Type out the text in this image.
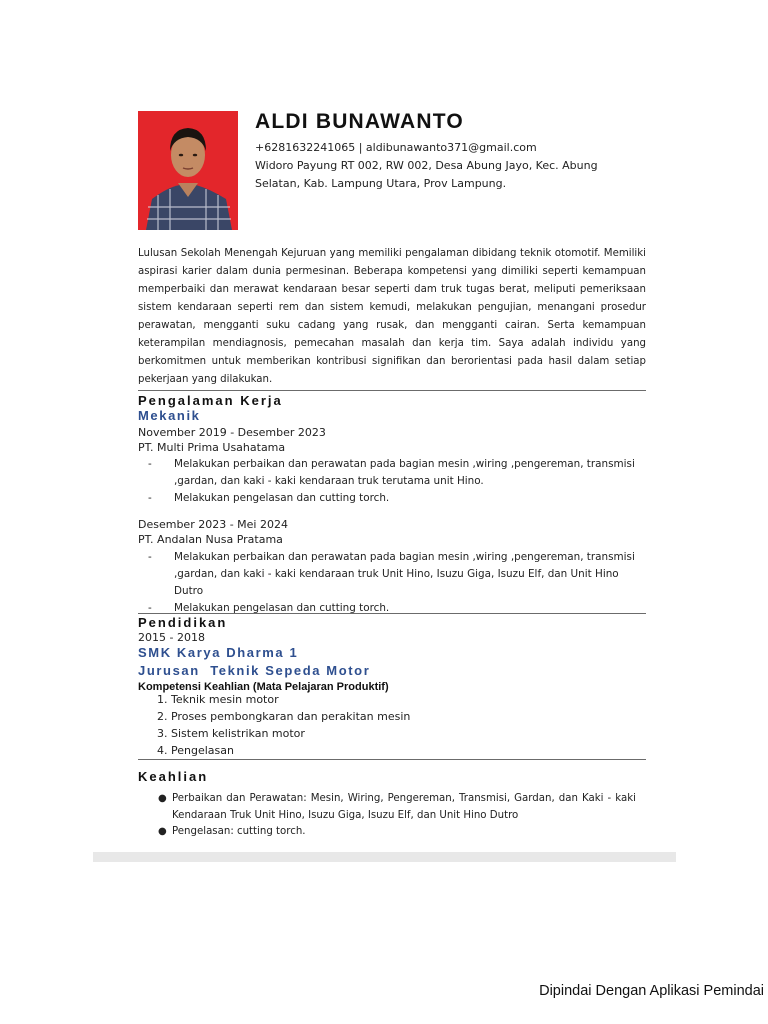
ALDI BUNAWANTO
+6281632241065 | aldibunawanto371@gmail.com
Widoro Payung RT 002, RW 002, Desa Abung Jayo, Kec. Abung
Selatan, Kab. Lampung Utara, Prov Lampung.
Lulusan Sekolah Menengah Kejuruan yang memiliki pengalaman dibidang teknik otomotif. Memiliki aspirasi karier dalam dunia permesinan. Beberapa kompetensi yang dimiliki seperti kemampuan memperbaiki dan merawat kendaraan besar seperti dam truk tugas berat, meliputi pemeriksaan sistem kendaraan seperti rem dan sistem kemudi, melakukan pengujian, menangani prosedur perawatan, mengganti suku cadang yang rusak, dan mengganti cairan. Serta kemampuan keterampilan mendiagnosis, pemecahan masalah dan kerja tim. Saya adalah individu yang berkomitmen untuk memberikan kontribusi signifikan dan berorientasi pada hasil dalam setiap pekerjaan yang dilakukan.
Pengalaman Kerja
Mekanik
November 2019 - Desember 2023
PT. Multi Prima Usahatama
- Melakukan perbaikan dan perawatan pada bagian mesin ,wiring ,pengereman, transmisi ,gardan, dan kaki - kaki kendaraan truk terutama unit Hino.
- Melakukan pengelasan dan cutting torch.
Desember 2023 - Mei 2024
PT. Andalan Nusa Pratama
- Melakukan perbaikan dan perawatan pada bagian mesin ,wiring ,pengereman, transmisi ,gardan, dan kaki - kaki kendaraan truk Unit Hino, Isuzu Giga, Isuzu Elf, dan Unit Hino Dutro
- Melakukan pengelasan dan cutting torch.
Pendidikan
2015 - 2018
SMK Karya Dharma 1
Jurusan  Teknik Sepeda Motor
Kompetensi Keahlian (Mata Pelajaran Produktif)
1. Teknik mesin motor
2. Proses pembongkaran dan perakitan mesin
3. Sistem kelistrikan motor
4. Pengelasan
Keahlian
● Perbaikan dan Perawatan: Mesin, Wiring, Pengereman, Transmisi, Gardan, dan Kaki - kaki Kendaraan Truk Unit Hino, Isuzu Giga, Isuzu Elf, dan Unit Hino Dutro
● Pengelasan: cutting torch.
Dipindai Dengan Aplikasi Pemindai
